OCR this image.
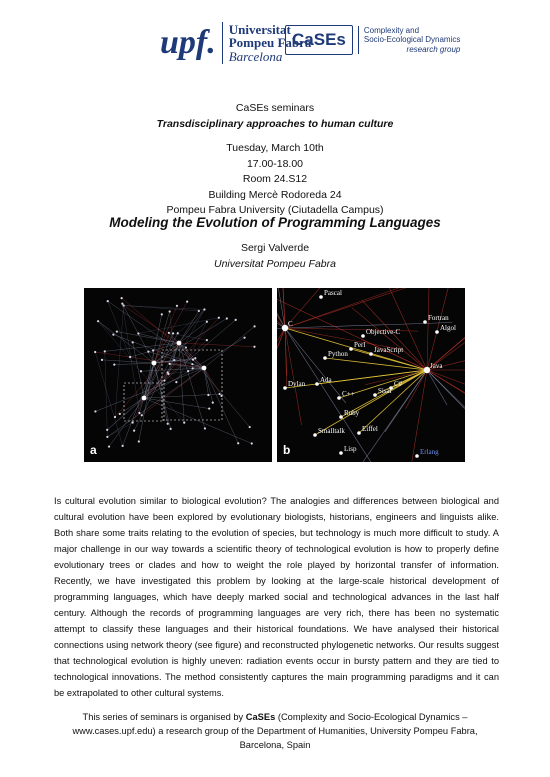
upf.	Universitat
Pompeu Fabra
Barcelona
CaSEs	Complexity and
Socio-Ecological Dynamics
research group
CaSEs seminars
Transdisciplinary approaches to human culture
Tuesday, March 10th
17.00-18.00
Room 24.S12
Building Mercè Rodoreda 24
Pompeu Fabra University (Ciutadella Campus)
Modeling the Evolution of Programming Languages
Sergi Valverde
Universitat Pompeu Fabra
a
Pascal
Fortran
Algol
Objective-C
Perl
Python	JavaScript
Java
Dylan Ada	C#
Sisal
C++
Ruby
Smalltalk Eiffel
Lisp	Erlang
C
b
Is cultural evolution similar to biological evolution? The analogies and differences between biological and cultural evolution have been explored by evolutionary biologists, historians, engineers and linguists alike. Both share some traits relating to the evolution of species, but technology is much more difficult to study. A major challenge in our way towards a scientific theory of technological evolution is how to properly define evolutionary trees or clades and how to weight the role played by horizontal transfer of information. Recently, we have investigated this problem by looking at the large-scale historical development of programming languages, which have deeply marked social and technological advances in the last half century. Although the records of programming languages are very rich, there has been no systematic attempt to classify these languages and their historical foundations. We have analysed their historical connections using network theory (see figure) and reconstructed phylogenetic networks. Our results suggest that technological evolution is highly uneven: radiation events occur in bursty pattern and they are tied to technological innovations. The method consistently captures the main programming paradigms and it can be extrapolated to other cultural systems.
This series of seminars is organised by CaSEs (Complexity and Socio-Ecological Dynamics – www.cases.upf.edu) a research group of the Department of Humanities, University Pompeu Fabra, Barcelona, Spain
